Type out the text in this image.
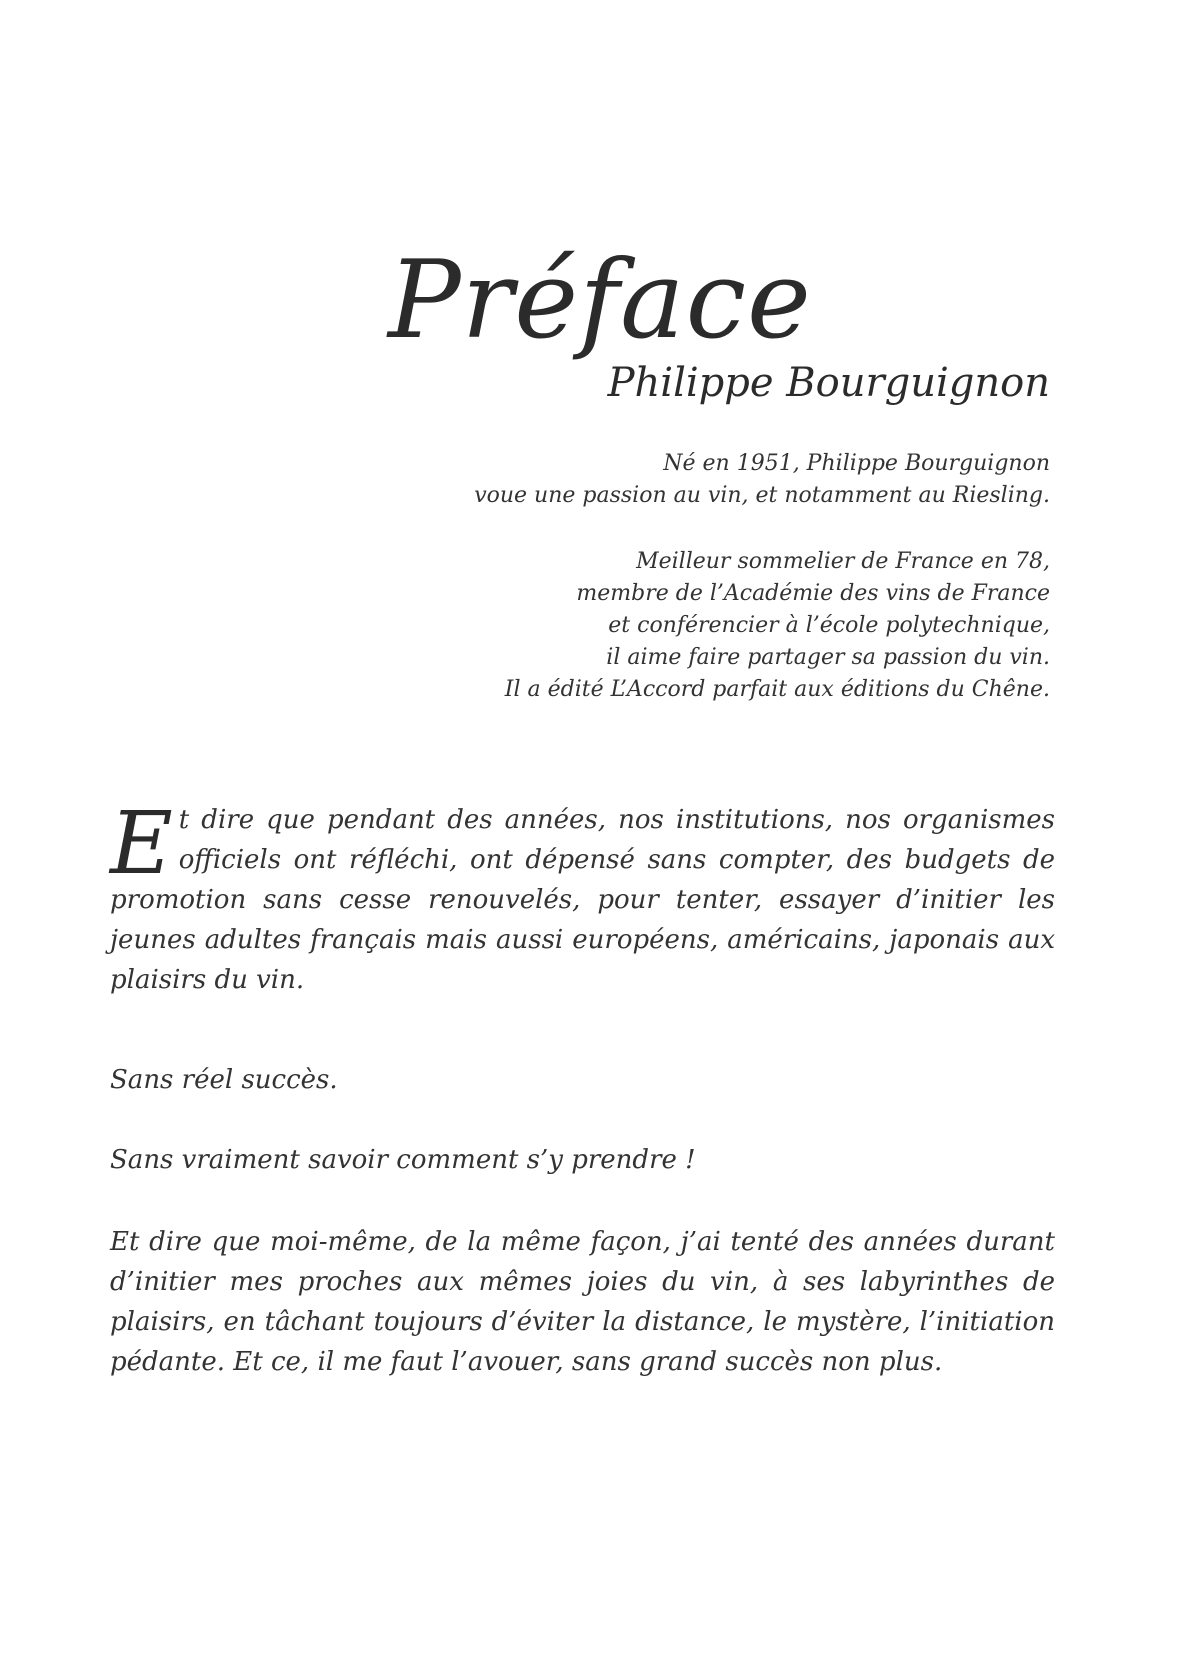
Préface
Philippe Bourguignon

Né en 1951, Philippe Bourguignon

voue une passion au vin, et notamment au Riesling.

Meilleur sommelier de France en 78,

membre de l’Académie des vins de France

et conférencier à l’école polytechnique,

il aime faire partager sa passion du vin.

Il a édité L’Accord parfait aux éditions du Chêne.

Et dire que pendant des années, nos institutions, nos organismes officiels ont réfléchi, ont dépensé sans compter, des budgets de promotion sans cesse renouvelés, pour tenter, essayer d’initier les jeunes adultes français mais aussi européens, américains, japonais aux plaisirs du vin.

Sans réel succès.

Sans vraiment savoir comment s’y prendre !

Et dire que moi-même, de la même façon, j’ai tenté des années durant d’initier mes proches aux mêmes joies du vin, à ses labyrinthes de plaisirs, en tâchant toujours d’éviter la distance, le mystère, l’initiation pédante. Et ce, il me faut l’avouer, sans grand succès non plus.
